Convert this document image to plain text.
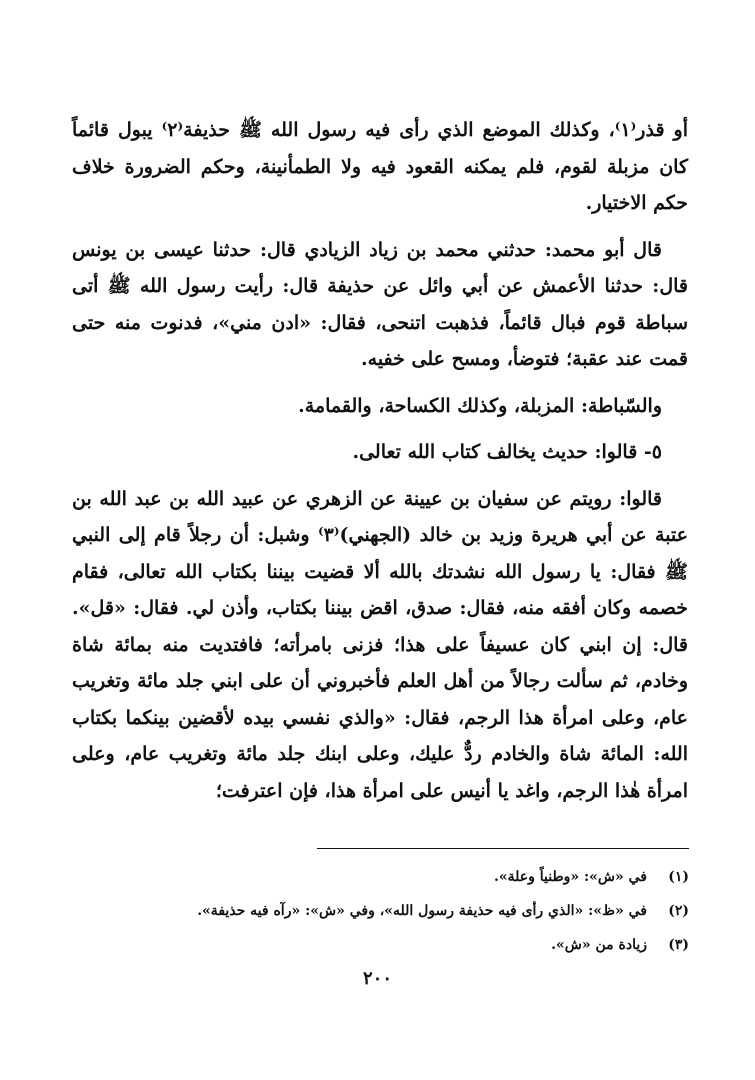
أو قذر⁽١⁾، وكذلك الموضع الذي رأى فيه رسول الله ﷺ حذيفة⁽٢⁾ يبول قائماً كان مزبلة لقوم، فلم يمكنه القعود فيه ولا الطمأنينة، وحكم الضرورة خلاف حكم الاختيار.

قال أبو محمد: حدثني محمد بن زياد الزيادي قال: حدثنا عيسى بن يونس قال: حدثنا الأعمش عن أبي وائل عن حذيفة قال: رأيت رسول الله ﷺ أتى سباطة قوم فبال قائماً، فذهبت اتنحى، فقال: «ادن مني»، فدنوت منه حتى قمت عند عقبة؛ فتوضأ، ومسح على خفيه.

والسّباطة: المزبلة، وكذلك الكساحة، والقمامة.

٥- قالوا: حديث يخالف كتاب الله تعالى.

قالوا: رويتم عن سفيان بن عيينة عن الزهري عن عبيد الله بن عبد الله بن عتبة عن أبي هريرة وزيد بن خالد (الجهني)⁽٣⁾ وشبل: أن رجلاً قام إلى النبي ﷺ فقال: يا رسول الله نشدتك بالله ألا قضيت بيننا بكتاب الله تعالى، فقام خصمه وكان أفقه منه، فقال: صدق، اقض بيننا بكتاب، وأذن لي. فقال: «قل». قال: إن ابني كان عسيفاً على هذا؛ فزنى بامرأته؛ فافتديت منه بمائة شاة وخادم، ثم سألت رجالاً من أهل العلم فأخبروني أن على ابني جلد مائة وتغريب عام، وعلى امرأة هذا الرجم، فقال: «والذي نفسي بيده لأقضين بينكما بكتاب الله: المائة شاة والخادم ردٌّ عليك، وعلى ابنك جلد مائة وتغريب عام، وعلى امرأة هٰذا الرجم، واغد يا أنيس على امرأة هذا، فإن اعترفت؛

(١)
في «ش»: «وطنياً وعلة».
(٢)
في «ظ»: «الذي رأى فيه حذيفة رسول الله»، وفي «ش»: «رآه فيه حذيفة».
(٣)
زيادة من «ش».
٢٠٠
